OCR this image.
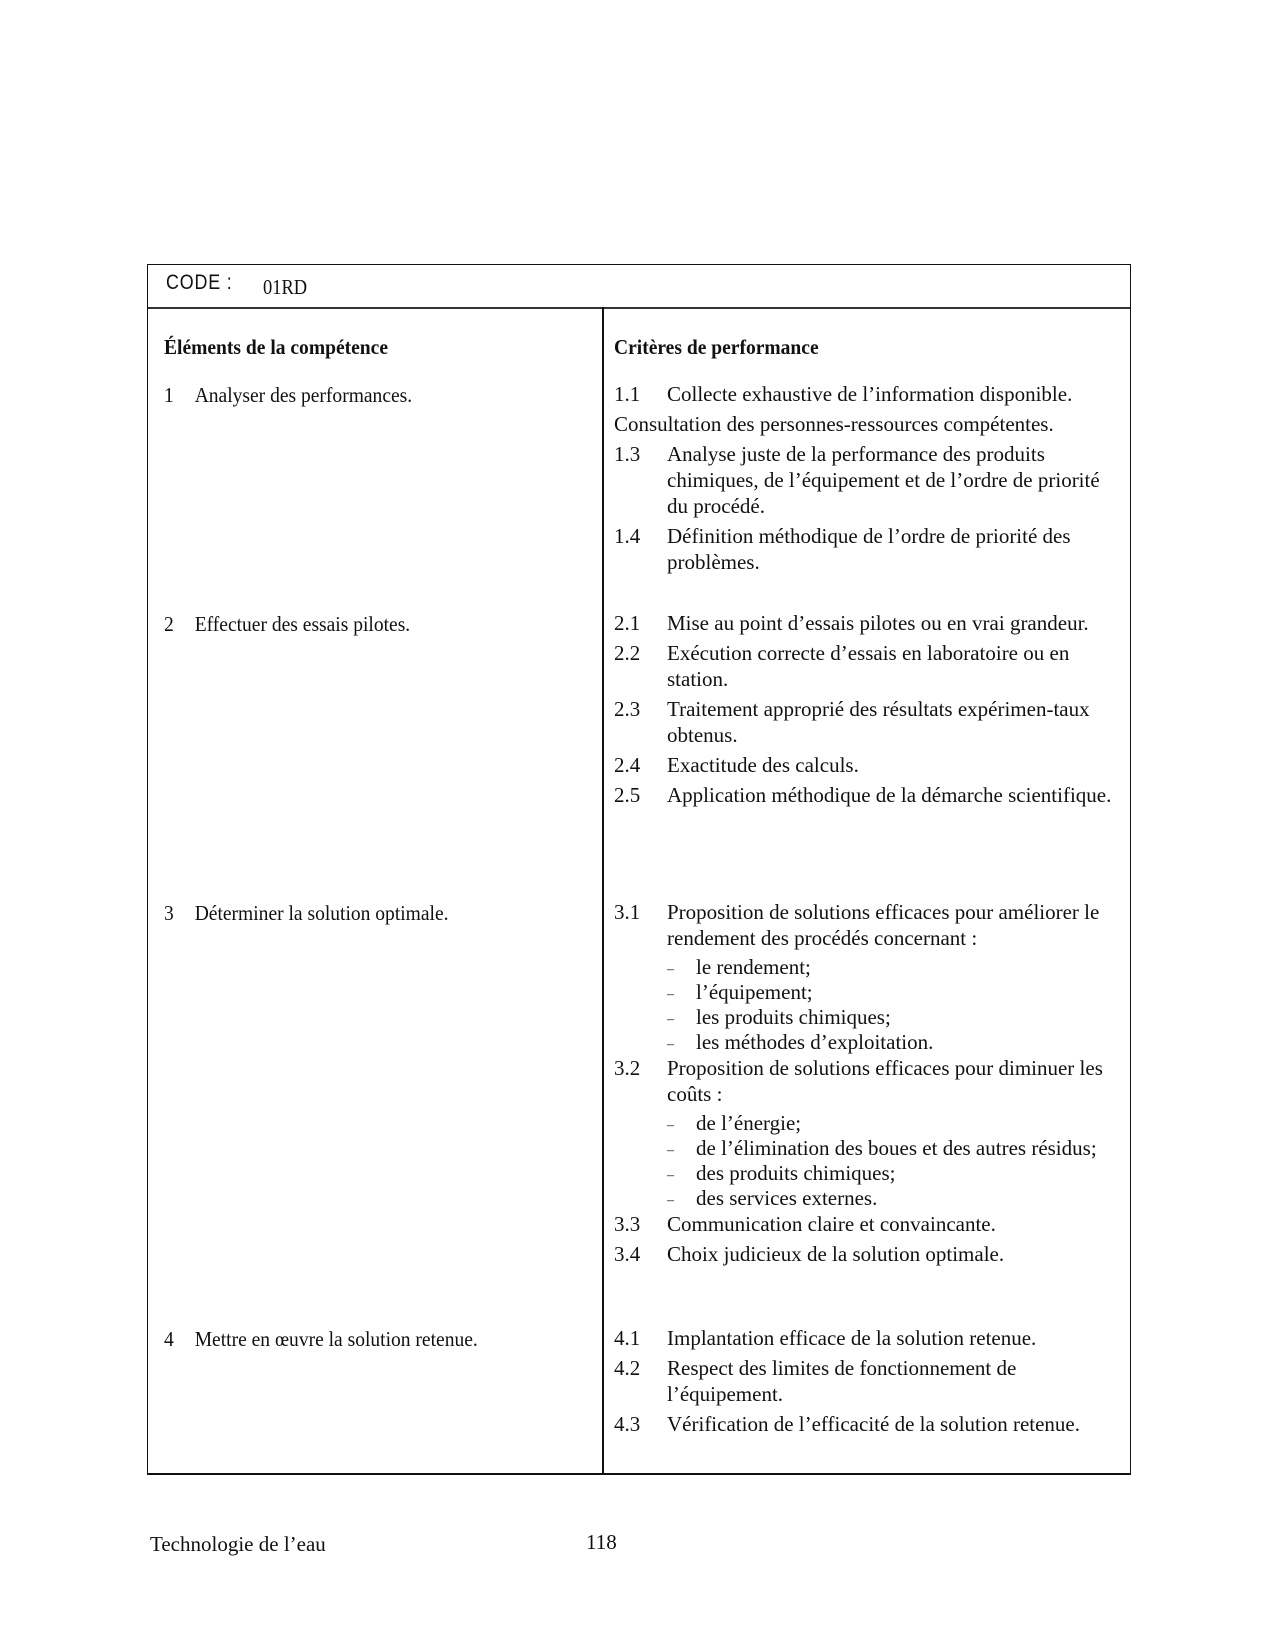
CODE : 01RD
Éléments de la compétence
1 Analyser des performances.
2 Effectuer des essais pilotes.
3 Déterminer la solution optimale.
4 Mettre en œuvre la solution retenue.
Critères de performance
1.1 Collecte exhaustive de l’information disponible.
Consultation des personnes-ressources compétentes.
1.3 Analyse juste de la performance des produits chimiques, de l’équipement et de l’ordre de priorité du procédé.
1.4 Définition méthodique de l’ordre de priorité des problèmes.
2.1 Mise au point d’essais pilotes ou en vrai grandeur.
2.2 Exécution correcte d’essais en laboratoire ou en station.
2.3 Traitement approprié des résultats expérimen-taux obtenus.
2.4 Exactitude des calculs.
2.5 Application méthodique de la démarche scientifique.
3.1 Proposition de solutions efficaces pour améliorer le rendement des procédés concernant :
– le rendement;
– l’équipement;
– les produits chimiques;
– les méthodes d’exploitation.
3.2 Proposition de solutions efficaces pour diminuer les coûts :
– de l’énergie;
– de l’élimination des boues et des autres résidus;
– des produits chimiques;
– des services externes.
3.3 Communication claire et convaincante.
3.4 Choix judicieux de la solution optimale.
4.1 Implantation efficace de la solution retenue.
4.2 Respect des limites de fonctionnement de l’équipement.
4.3 Vérification de l’efficacité de la solution retenue.
Technologie de l’eau	118
